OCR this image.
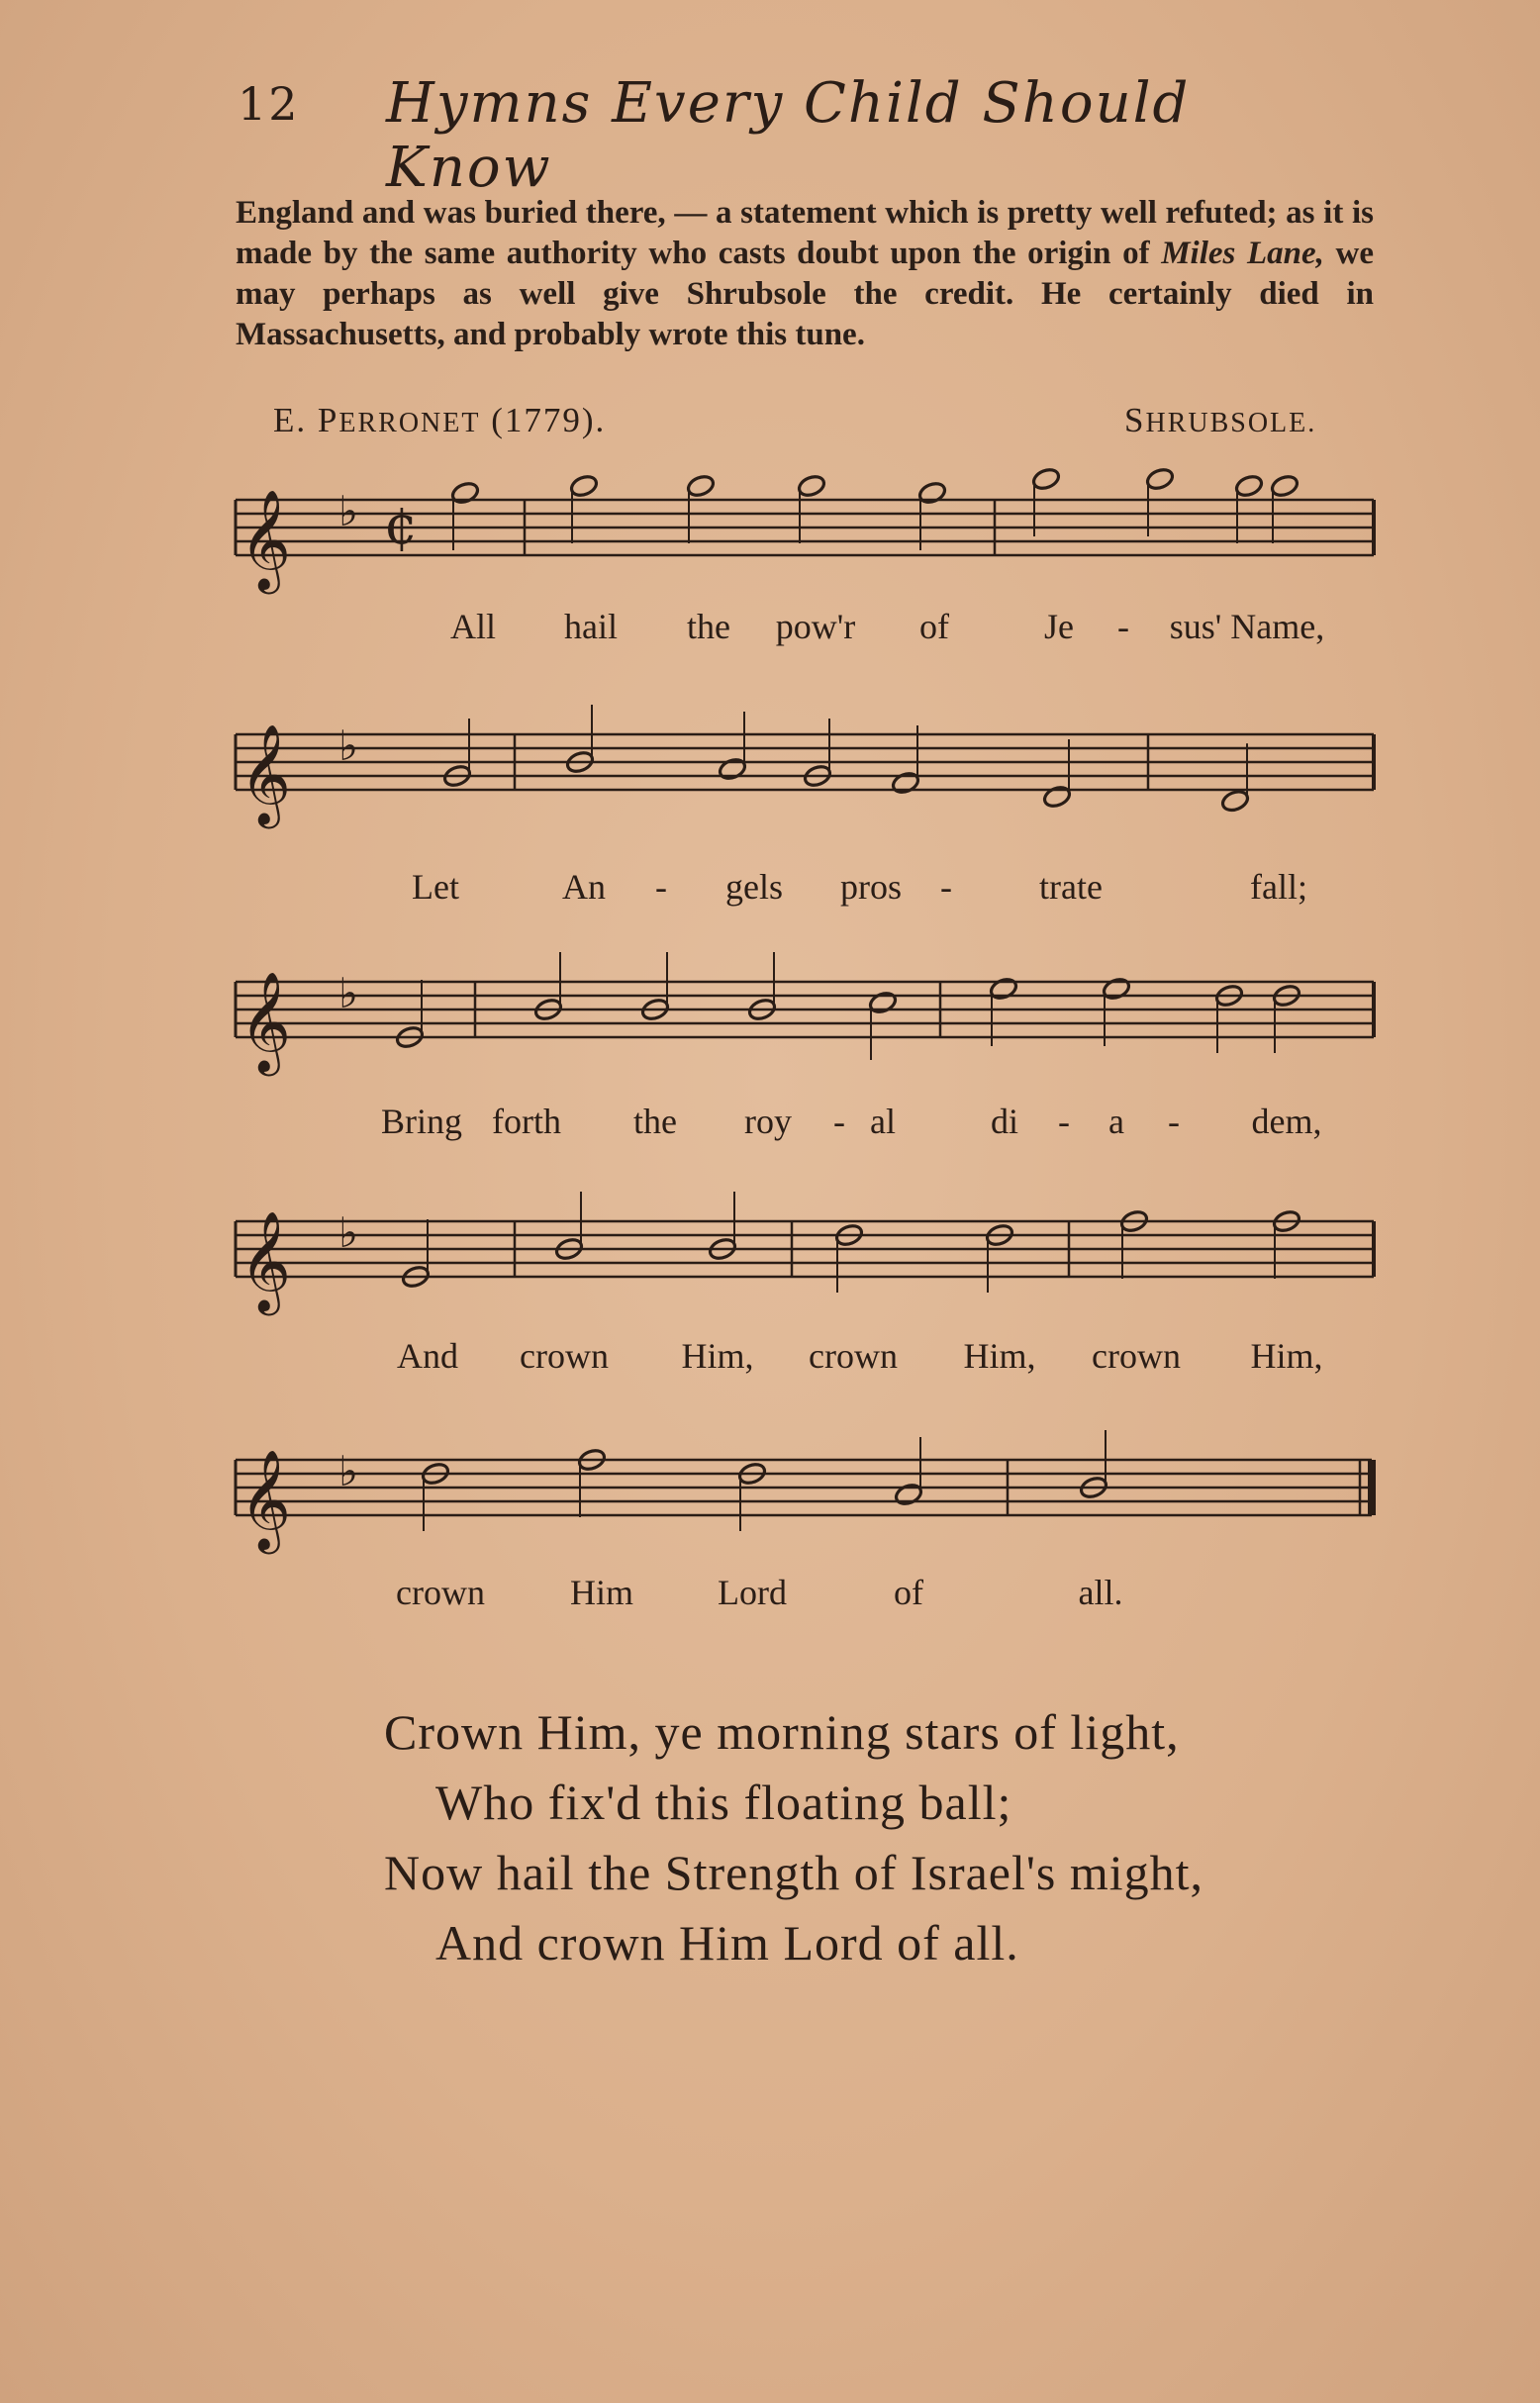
12 Hymns Every Child Should Know
England and was buried there, — a statement which is pretty well refuted; as it is made by the same authority who casts doubt upon the origin of Miles Lane, we may perhaps as well give Shrubsole the credit. He certainly died in Massachusetts, and probably wrote this tune.
E. PERRONET (1779).	SHRUBSOLE.
𝄞 ♭ ¢
𝄞 ♭
𝄞 ♭
𝄞 ♭
𝄞 ♭
All hail the pow'r of	Je - sus' Name,
Let	An - gels pros - trate	fall;
Bring forth the roy - al	di - a - dem,
And crown Him, crown Him, crown Him,
crown Him Lord	of	all.
Crown Him, ye morning stars of light,
Who fix'd this floating ball;
Now hail the Strength of Israel's might,
And crown Him Lord of all.
